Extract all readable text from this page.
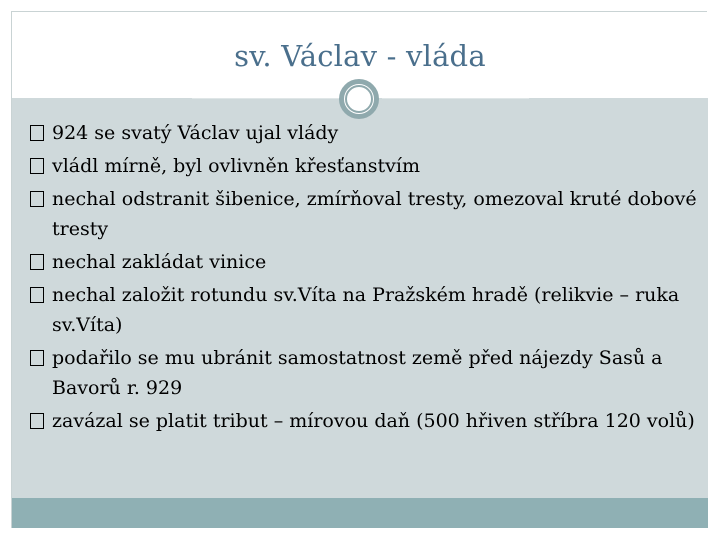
sv. Václav - vláda
924 se svatý Václav ujal vlády
vládl mírně, byl ovlivněn křesťanstvím
nechal odstranit šibenice, zmírňoval tresty, omezoval kruté dobové tresty
nechal zakládat vinice
nechal založit rotundu sv.Víta na Pražském hradě (relikvie – ruka sv.Víta)
podařilo se mu ubránit samostatnost země před nájezdy Sasů a Bavorů r. 929
zavázal se platit tribut – mírovou daň (500 hřiven stříbra 120 volů)
